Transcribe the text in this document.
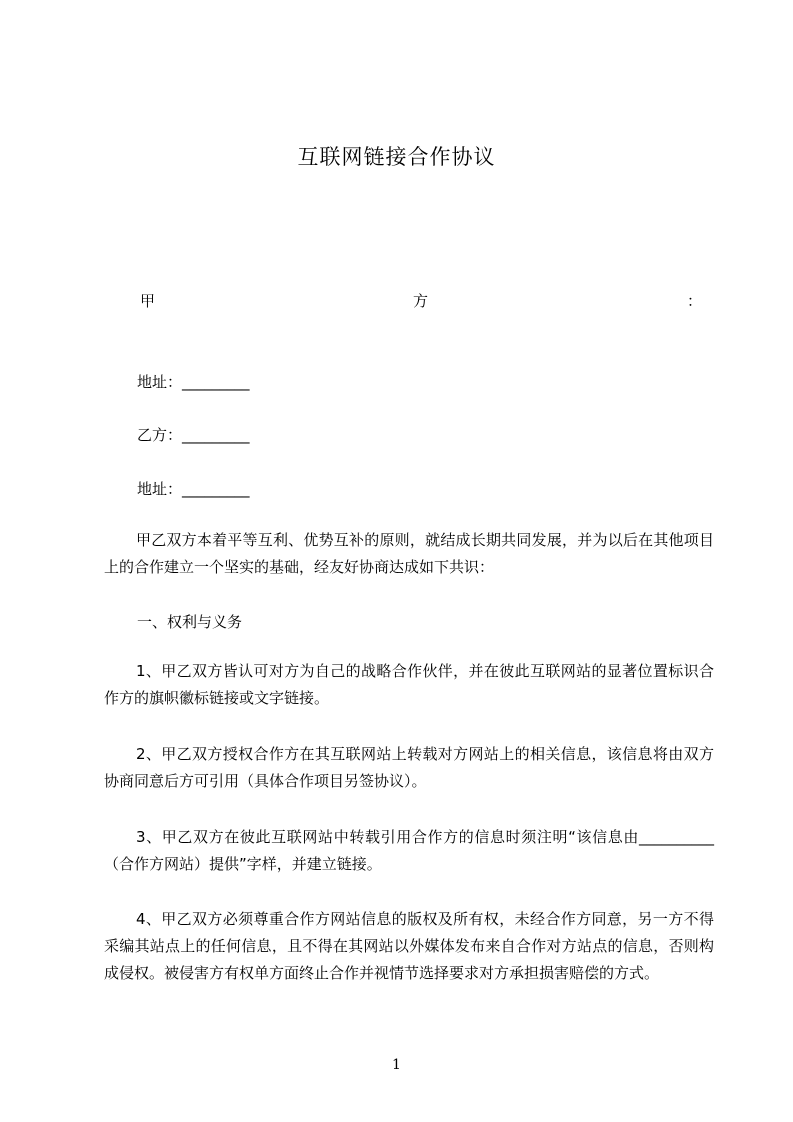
互联网链接合作协议
甲	方	：
地址：_________
乙方：_________
地址：_________
甲乙双方本着平等互利、优势互补的原则，就结成长期共同发展，并为以后在其他项目上的合作建立一个坚实的基础，经友好协商达成如下共识：
一、权利与义务
1、甲乙双方皆认可对方为自己的战略合作伙伴，并在彼此互联网站的显著位置标识合作方的旗帜徽标链接或文字链接。
2、甲乙双方授权合作方在其互联网站上转载对方网站上的相关信息，该信息将由双方协商同意后方可引用（具体合作项目另签协议）。
3、甲乙双方在彼此互联网站中转载引用合作方的信息时须注明“该信息由__________（合作方网站）提供”字样，并建立链接。
4、甲乙双方必须尊重合作方网站信息的版权及所有权，未经合作方同意，另一方不得采编其站点上的任何信息，且不得在其网站以外媒体发布来自合作对方站点的信息，否则构成侵权。被侵害方有权单方面终止合作并视情节选择要求对方承担损害赔偿的方式。
1
